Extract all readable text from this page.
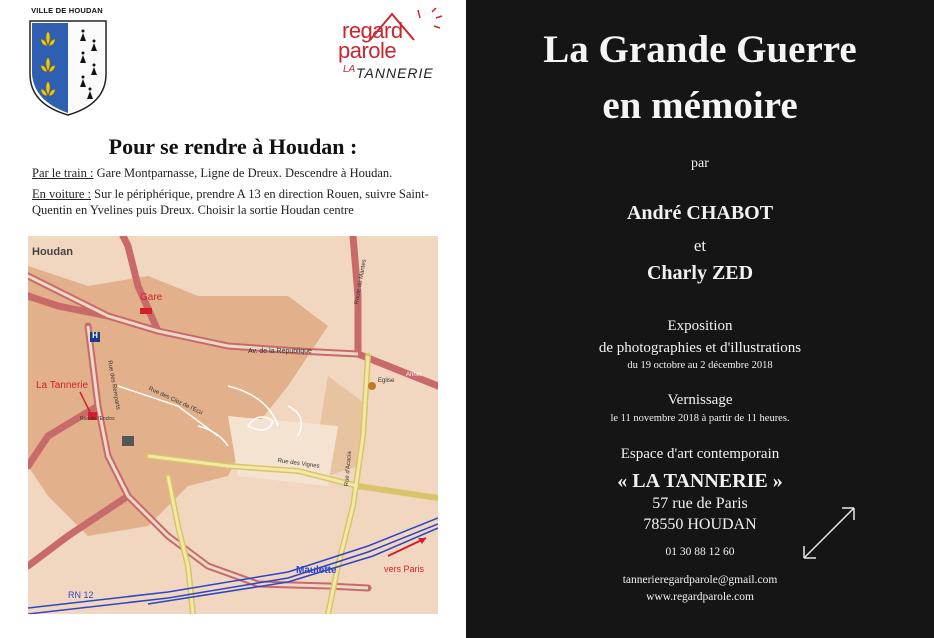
VILLE DE HOUDAN
regard
parole
LA TANNERIE
Pour se rendre à Houdan :

Par le train : Gare Montparnasse, Ligne de Dreux. Descendre à Houdan.

En voiture : Sur le périphérique, prendre A 13 en direction Rouen, suivre Saint-Quentin en Yvelines puis Dreux. Choisir la sortie Houdan centre

Houdan
Gare
La Tannerie
H
Av. de la République
Rue des Remparts	Rue des Cloz de l'Ecu
Rue des Vignes
Rue de l'Enclos
Eglise
Annet
Route de Mantes
Rue d'Acacia
Maulette	vers Paris
RN 12
La Grande Guerre
en mémoire
par
André CHABOT
et
Charly ZED
Exposition
de photographies et d'illustrations
du 19 octobre au 2 décembre 2018
Vernissage
le 11 novembre 2018 à partir de 11 heures.
Espace d'art contemporain
« LA TANNERIE »
57 rue de Paris
78550 HOUDAN
01 30 88 12 60
tannerieregardparole@gmail.com
www.regardparole.com
